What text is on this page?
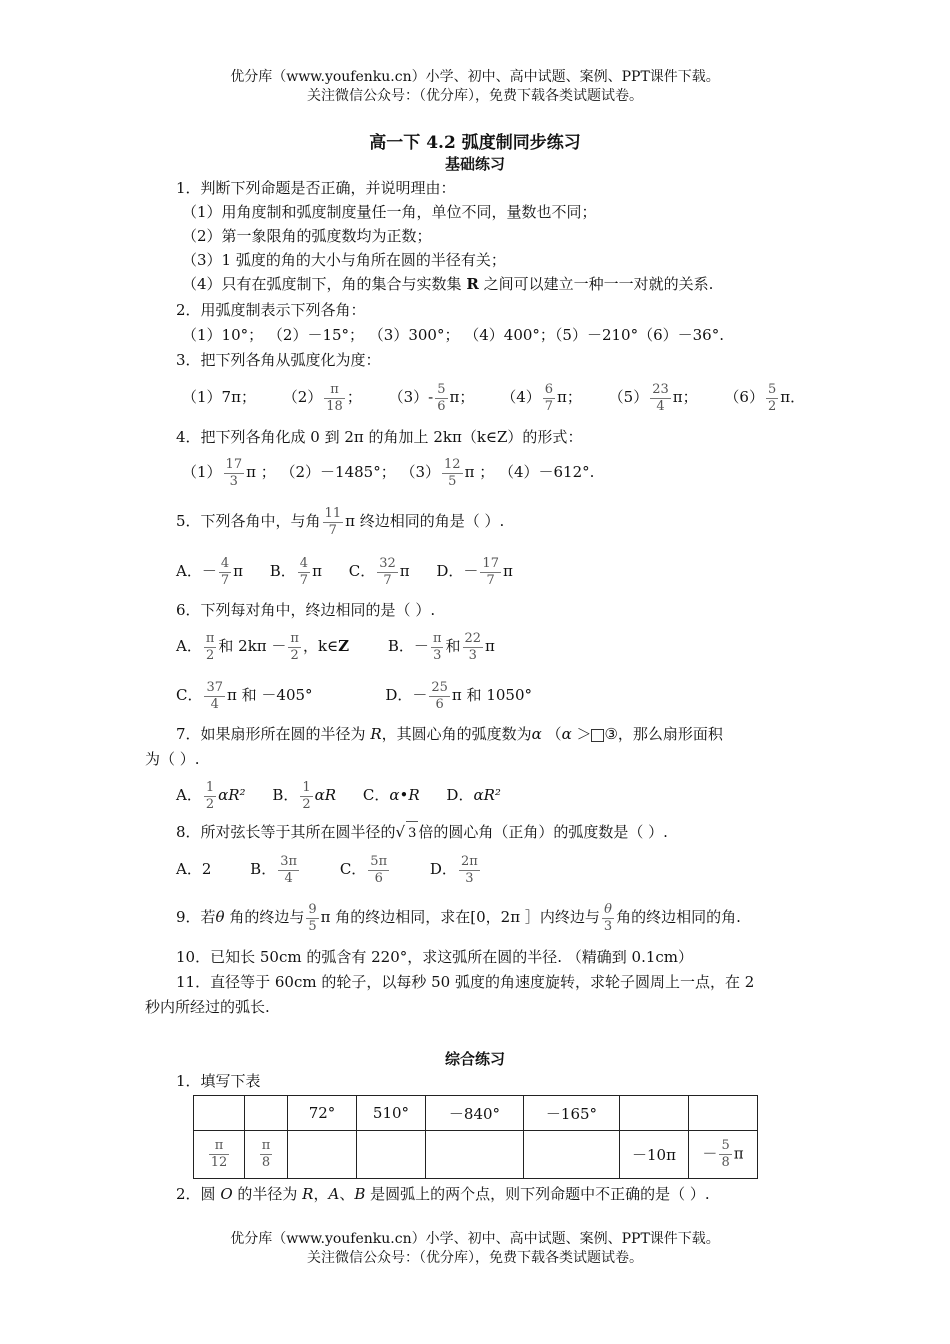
优分库（www.youfenku.cn）小学、初中、高中试题、案例、PPT课件下载。
关注微信公众号：（优分库），免费下载各类试题试卷。
高一下 4.2 弧度制同步练习
基础练习
1．判断下列命题是否正确，并说明理由：
（1）用角度制和弧度制度量任一角，单位不同，量数也不同；
（2）第一象限角的弧度数均为正数；
（3）1 弧度的角的大小与角所在圆的半径有关；
（4）只有在弧度制下，角的集合与实数集 R 之间可以建立一种一一对就的关系.
2．用弧度制表示下列各角：
（1）10°； （2）－15°； （3）300°； （4）400°；（5）－210°（6）－36°.
3．把下列各角从弧度化为度：
（1）7π； $(2) \frac{\pi}{18}$ ； $(3)- \frac{5}{6}$ π； $(4) \frac{6}{7}$ π； $(5) \frac{23}{4}$ π； $(6) \frac{5}{2}$ π．
4．把下列各角化成 0 到 2π 的角加上 2kπ（k∈Z）的形式：
$(1) \frac{17}{3}$ π ； （2）－1485°； $(3) \frac{12}{5}$ π ； （4）－612°.
5．下列各角中，与角 $\frac{11}{7}$ π 终边相同的角是（ ）.
A．－ $\frac{4}{7}$ π B． $\frac{4}{7}$ π C． $\frac{32}{7}$ π D．－ $\frac{17}{7}$ π
6．下列每对角中，终边相同的是（ ）.
A． $\frac{\pi}{2}$ 和 $2k\pi - \frac{\pi}{2}$ ，k∈Z	B．－ $\frac{\pi}{3}$ 和 $\frac{22}{3}$ π
C． $\frac{37}{4}$ π 和 －405°	D．－ $\frac{25}{6}$ π 和 1050°
7．如果扇形所在圆的半径为 R，其圆心角的弧度数为α （α ＞ ③，那么扇形面积
为（ ）.
A． $\frac{1}{2} \alpha R^2$ B． $\frac{1}{2}$ αR C．α•R D．αR²
8．所对弦长等于其所在圆半径的√ 3 倍的圆心角（正角）的弧度数是（ ）.
A．2	B． $\frac{3\pi}{4}$	C． $\frac{5\pi}{6}$	D． $\frac{2\pi}{3}$
9．若θ 角的终边与 $\frac{9}{5}$ π 角的终边相同，求在[0，2π ］内终边与 $\frac{\theta}{3}$ 角的终边相同的角.
10．已知长 50cm 的弧含有 220°，求这弧所在圆的半径. （精确到 0.1cm）
11．直径等于 60cm 的轮子，以每秒 50 弧度的角速度旋转，求轮子圆周上一点，在 2
秒内所经过的弧长.
综合练习
1．填写下表
		72°	510°	－840°	－165°		

$\frac{\pi}{12}$	$\frac{\pi}{8}$					－10π	－ $\frac{5}{8}$ π
2．圆 O 的半径为 R，A、B 是圆弧上的两个点，则下列命题中不正确的是（ ）.
优分库（www.youfenku.cn）小学、初中、高中试题、案例、PPT课件下载。
关注微信公众号：（优分库），免费下载各类试题试卷。
